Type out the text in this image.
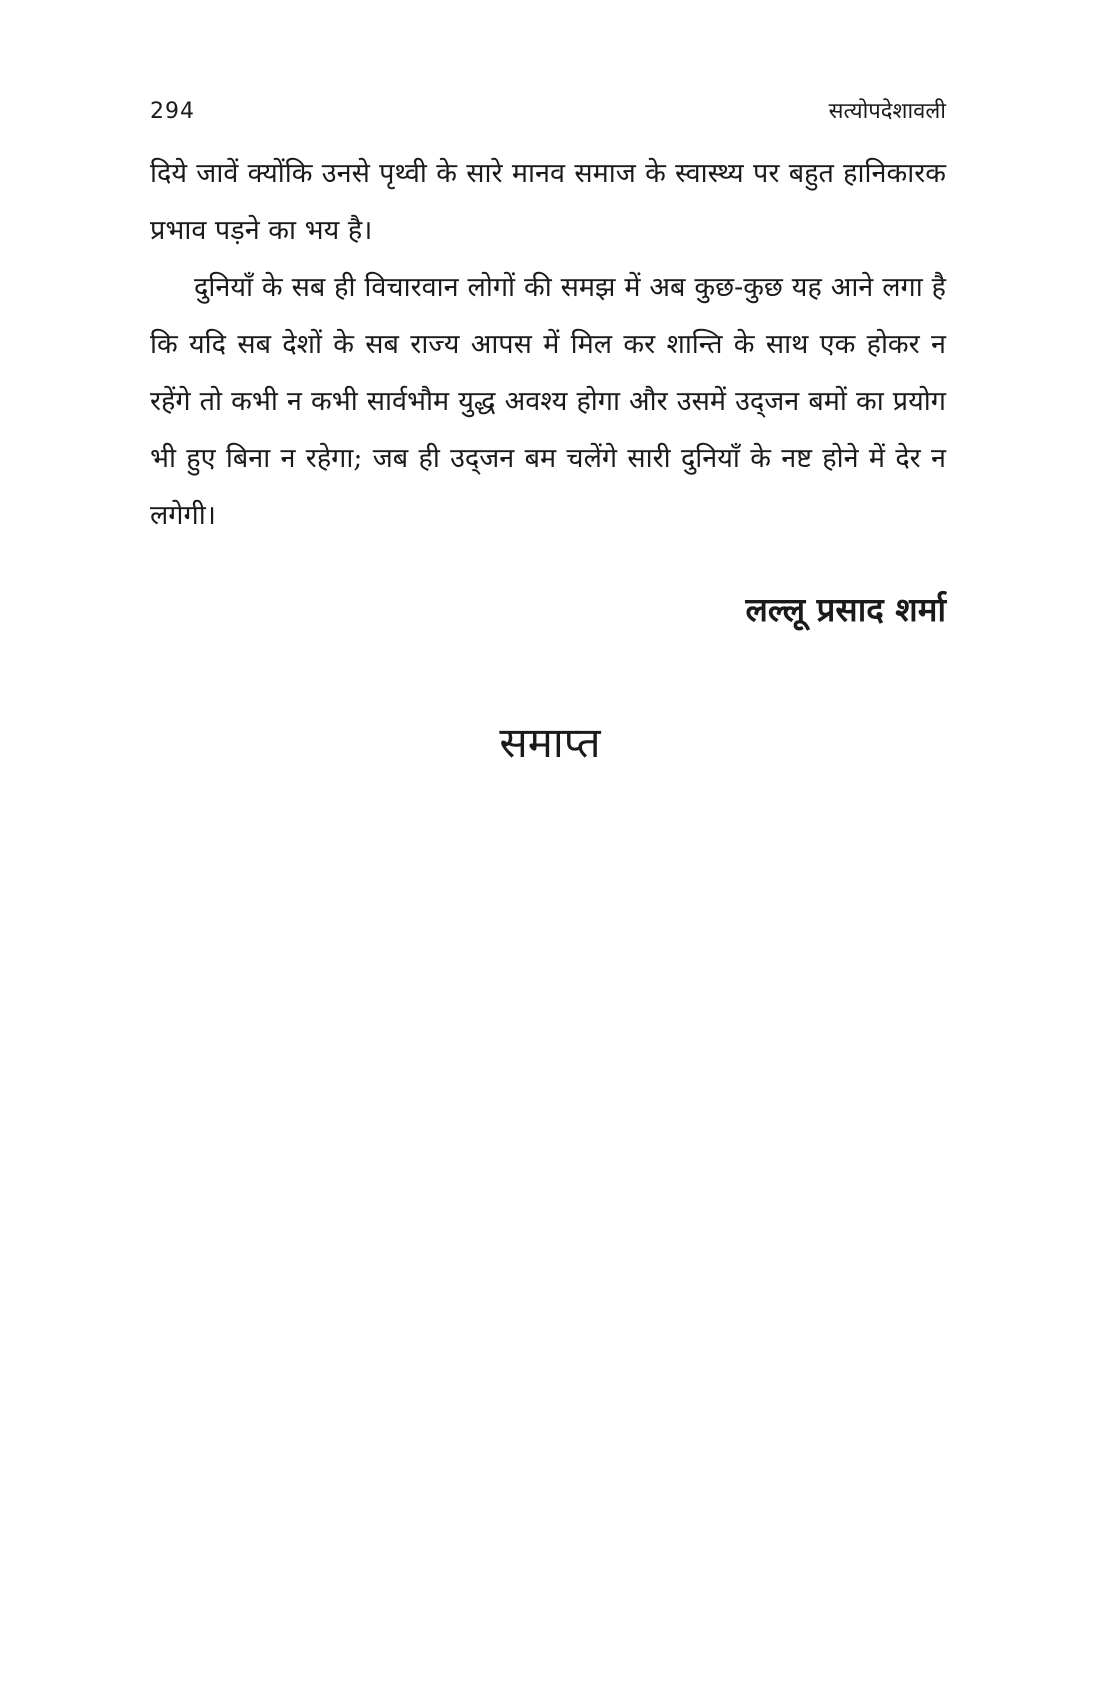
294	सत्योपदेशावली

दिये जावें क्योंकि उनसे पृथ्वी के सारे मानव समाज के स्वास्थ्य पर बहुत हानिकारक प्रभाव पड़ने का भय है।

दुनियाँ के सब ही विचारवान लोगों की समझ में अब कुछ-कुछ यह आने लगा है कि यदि सब देशों के सब राज्य आपस में मिल कर शान्ति के साथ एक होकर न रहेंगे तो कभी न कभी सार्वभौम युद्ध अवश्य होगा और उसमें उद्जन बमों का प्रयोग भी हुए बिना न रहेगा; जब ही उद्जन बम चलेंगे सारी दुनियाँ के नष्ट होने में देर न लगेगी।

लल्लू प्रसाद शर्मा
समाप्त
